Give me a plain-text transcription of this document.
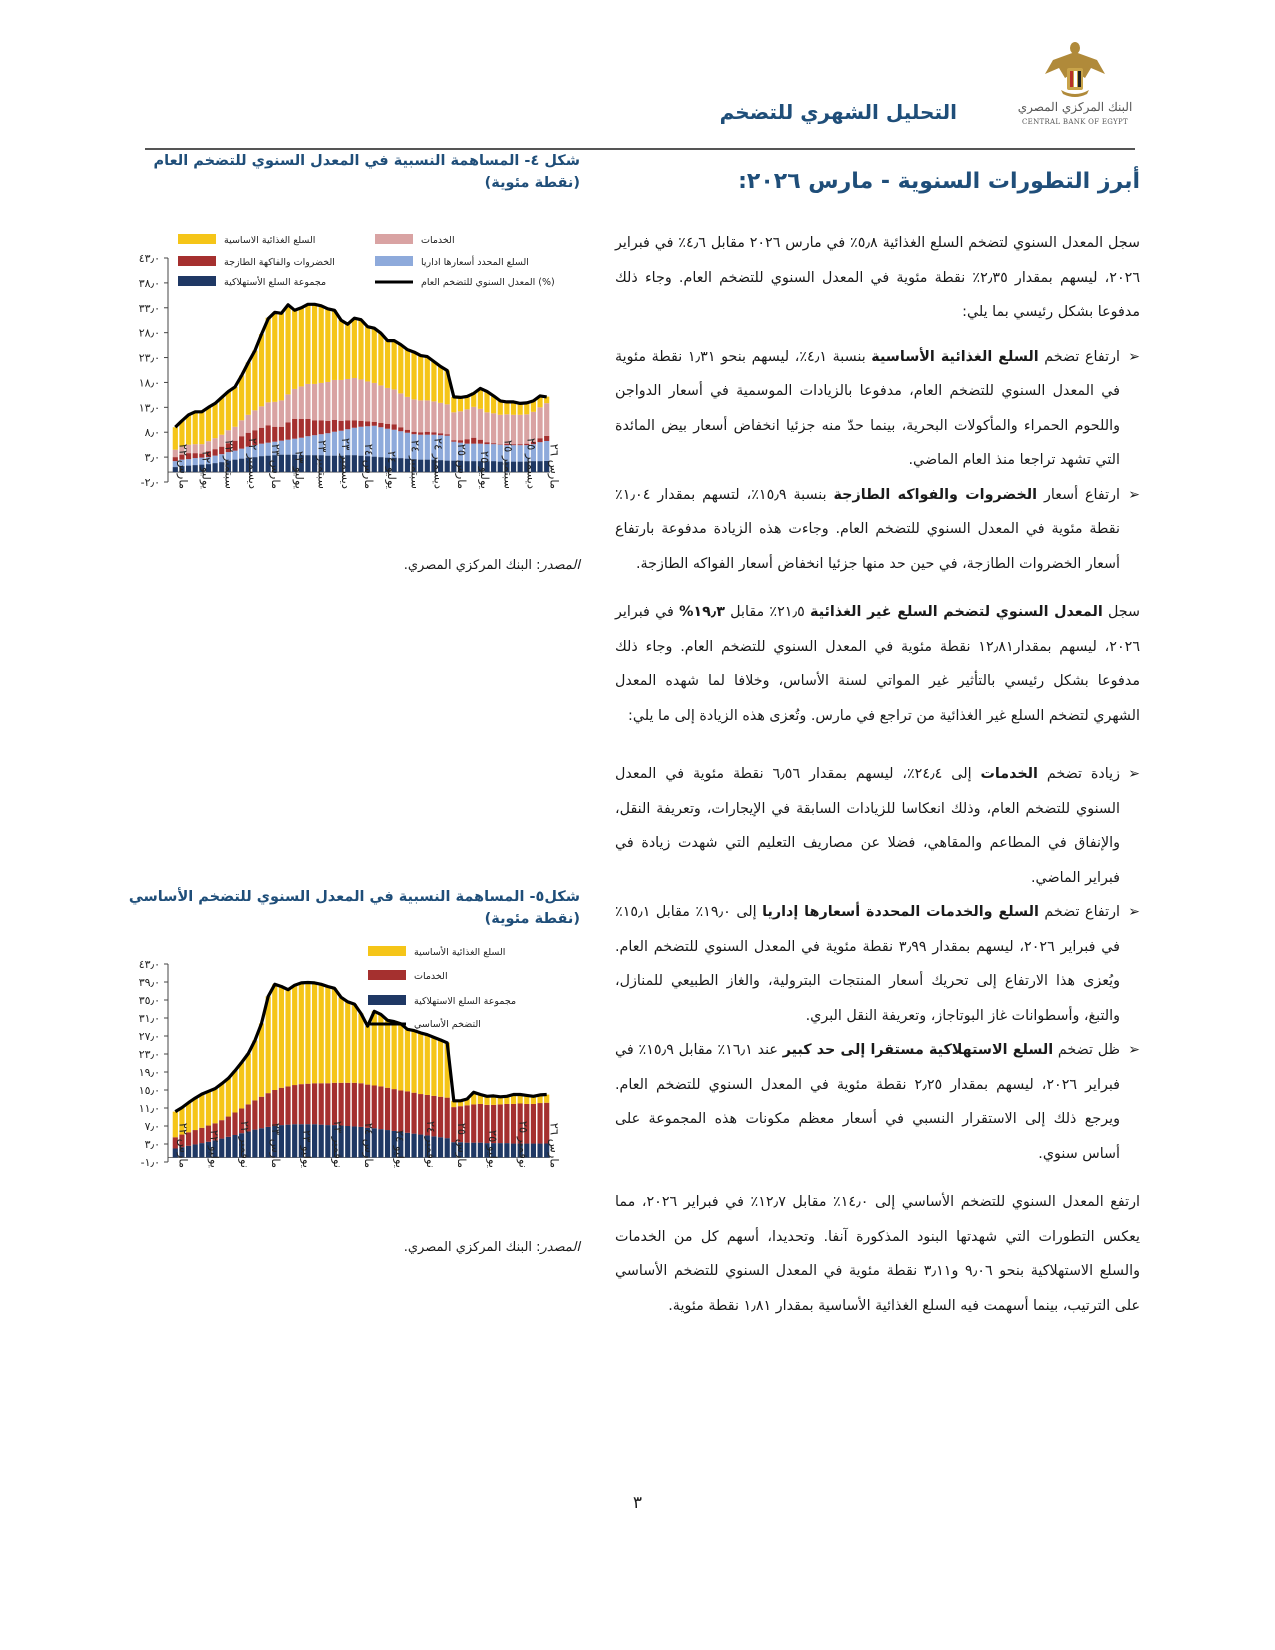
التحليل الشهري للتضخم	البنك المركزي المصري
CENTRAL BANK OF EGYPT
أبرز التطورات السنوية - مارس ٢٠٢٦:

سجل المعدل السنوي لتضخم السلع الغذائية ٥٫٨٪ في مارس ٢٠٢٦ مقابل ٤٫٦٪ في فبراير ٢٠٢٦، ليسهم بمقدار ٢٫٣٥٪ نقطة مئوية في المعدل السنوي للتضخم العام. وجاء ذلك مدفوعا بشكل رئيسي بما يلي:

➢
ارتفاع تضخم السلع الغذائية الأساسية بنسبة ٤٫١٪، ليسهم بنحو ١٫٣١ نقطة مئوية في المعدل السنوي للتضخم العام، مدفوعا بالزيادات الموسمية في أسعار الدواجن واللحوم الحمراء والمأكولات البحرية، بينما حدّ منه جزئيا انخفاض أسعار بيض المائدة التي تشهد تراجعا منذ العام الماضي.

➢
ارتفاع أسعار الخضروات والفواكه الطازجة بنسبة ١٥٫٩٪، لتسهم بمقدار ١٫٠٤٪ نقطة مئوية في المعدل السنوي للتضخم العام. وجاءت هذه الزيادة مدفوعة بارتفاع أسعار الخضروات الطازجة، في حين حد منها جزئيا انخفاض أسعار الفواكه الطازجة.

سجل المعدل السنوي لتضخم السلع غير الغذائية ٢١٫٥٪ مقابل ١٩٫٣% في فبراير ٢٠٢٦، ليسهم بمقدار١٢٫٨١ نقطة مئوية في المعدل السنوي للتضخم العام. وجاء ذلك مدفوعا بشكل رئيسي بالتأثير غير المواتي لسنة الأساس، وخلافا لما شهده المعدل الشهري لتضخم السلع غير الغذائية من تراجع في مارس. وتُعزى هذه الزيادة إلى ما يلي:

➢
زيادة تضخم الخدمات إلى ٢٤٫٤٪، ليسهم بمقدار ٦٫٥٦ نقطة مئوية في المعدل السنوي للتضخم العام، وذلك انعكاسا للزيادات السابقة في الإيجارات، وتعريفة النقل، والإنفاق في المطاعم والمقاهي، فضلا عن مصاريف التعليم التي شهدت زيادة في فبراير الماضي.

➢
ارتفاع تضخم السلع والخدمات المحددة أسعارها إداريا إلى ١٩٫٠٪ مقابل ١٥٫١٪ في فبراير ٢٠٢٦، ليسهم بمقدار ٣٫٩٩ نقطة مئوية في المعدل السنوي للتضخم العام. ويُعزى هذا الارتفاع إلى تحريك أسعار المنتجات البترولية، والغاز الطبيعي للمنازل، والتبغ، وأسطوانات غاز البوتاجاز، وتعريفة النقل البري.

➢
ظل تضخم السلع الاستهلاكية مستقرا إلى حد كبير عند ١٦٫١٪ مقابل ١٥٫٩٪ في فبراير ٢٠٢٦، ليسهم بمقدار ٢٫٢٥ نقطة مئوية في المعدل السنوي للتضخم العام. ويرجع ذلك إلى الاستقرار النسبي في أسعار معظم مكونات هذه المجموعة على أساس سنوي.

ارتفع المعدل السنوي للتضخم الأساسي إلى ١٤٫٠٪ مقابل ١٢٫٧٪ في فبراير ٢٠٢٦، مما يعكس التطورات التي شهدتها البنود المذكورة آنفا. وتحديدا، أسهم كل من الخدمات والسلع الاستهلاكية بنحو ٩٫٠٦ و٣٫١١ نقطة مئوية في المعدل السنوي للتضخم الأساسي على الترتيب، بينما أسهمت فيه السلع الغذائية الأساسية بمقدار ١٫٨١ نقطة مئوية.

شكل ٤- المساهمة النسبية في المعدل السنوي للتضخم العام
(نقطة مئوية)
٤٣٫٠
٣٨٫٠
٣٣٫٠
٢٨٫٠
٢٣٫٠
١٨٫٠
١٣٫٠
٨٫٠
٣٫٠
-٢٫٠
مارس ٢٢ يوليو ٢٢
سبتمبر ٢٢
ديسمبر ٢٢
مارس ٢٣ يوليو ٢٣
سبتمبر ٢٣
ديسمبر ٢٣
مارس ٢٤ يوليو ٢٤
سبتمبر ٢٤
ديسمبر ٢٤
مارس ٢٥ يوليو ٢٥
سبتمبر ٢٥
ديسمبر ٢٥
مارس ٢٦
السلع الغذائية الاساسية	الخدمات
الخضروات والفاكهة الطازجة	السلع المحدد أسعارها اداريا
مجموعة السلع الأستهلاكية	المعدل السنوي للتضخم العام (%)
المصدر: البنك المركزي المصري.
شكل٥- المساهمة النسبية في المعدل السنوي للتضخم الأساسي
(نقطة مئوية)
٤٣٫٠
٣٩٫٠
٣٥٫٠
٣١٫٠
٢٧٫٠
٢٣٫٠
١٩٫٠
١٥٫٠
١١٫٠
٧٫٠
٣٫٠
-١٫٠
مارس ٢٢ يوليو ٢٢
نوفمبر ٢٢
مارس ٢٣ يوليو ٢٣
نوفمبر ٢٣
مارس ٢٤ يوليو ٢٤
نوفمبر ٢٤
مارس ٢٥ يوليو ٢٥
نوفمبر ٢٥
مارس ٢٦
السلع الغذائية الأساسية
الخدمات
مجموعة السلع الاستهلاكية
التضخم الأساسي
المصدر: البنك المركزي المصري.
٣
